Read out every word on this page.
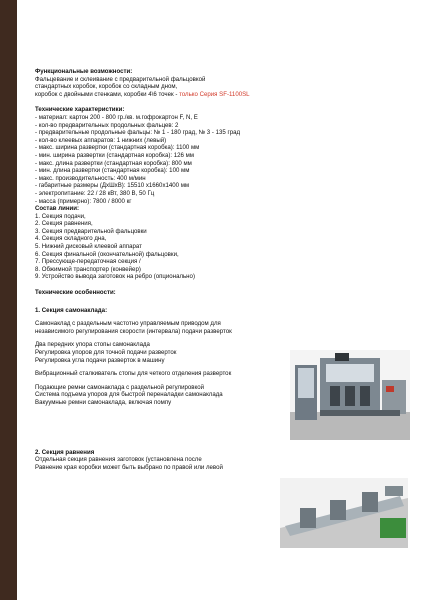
Функциональные возможности:
Фальцевание и склеивание с предварительной фальцовкой
стандартных коробок, коробок со складным дном,
коробок с двойными стенками, коробки 4\6 точек - только Серия SF-1100SL
Технические характеристики:
- материал: картон 200 - 800 гр./кв. м.гофрокартон F, N, E
- кол-во предварительных продольных фальцев: 2
- предварительные продольные фальцы: № 1 - 180 град, № 3 - 135 град
- кол-во клеевых аппаратов: 1 нижних (левый)
- макс. ширина развертки (стандартная коробка): 1100 мм
- мин. ширина развертки (стандартная коробка): 126 мм
- макс. длина развертки (стандартная коробка): 800 мм
- мин. длина развертки (стандартная коробка): 100 мм
- макс. производительность: 400 м/мин
- габаритные размеры (ДхШхВ): 15510 x1660x1400 мм
- электропитание: 22 / 28 кВт, 380 В, 50 Гц
- масса (примерно): 7800 / 8000 кг
Состав линии:
1. Секция подачи,
2. Секция равнения,
3. Секция предварительной фальцовки
4. Секция складного дна,
5. Нижний дисковый клеевой аппарат
6. Секция финальной (окончательной) фальцовки,
7. Прессующе-передаточная секция /
8. Обжимной транспортер (конвейер)
9. Устройство вывода заготовок на ребро (опционально)
Технические особенности:
1. Секция самонаклада:
Самонаклад с раздельным частотно управляемым приводом для
независимого регулирования скорости (интервала) подачи разверток
Два передних упора стопы самонаклада
Регулировка упоров для точной подачи разверток
Регулировка угла подачи разверток в машину
Вибрационный сталкиватель стопы для четкого отделения разверток
Подающие ремни самонаклада с раздельной регулировкой
Система подъема упоров для быстрой переналадки самонаклада
Вакуумные ремни самонаклада, включая помпу
2. Секция равнения
Отдельная секция равнения заготовок (установлена после
Равнение края коробки может быть выбрано по правой или левой
